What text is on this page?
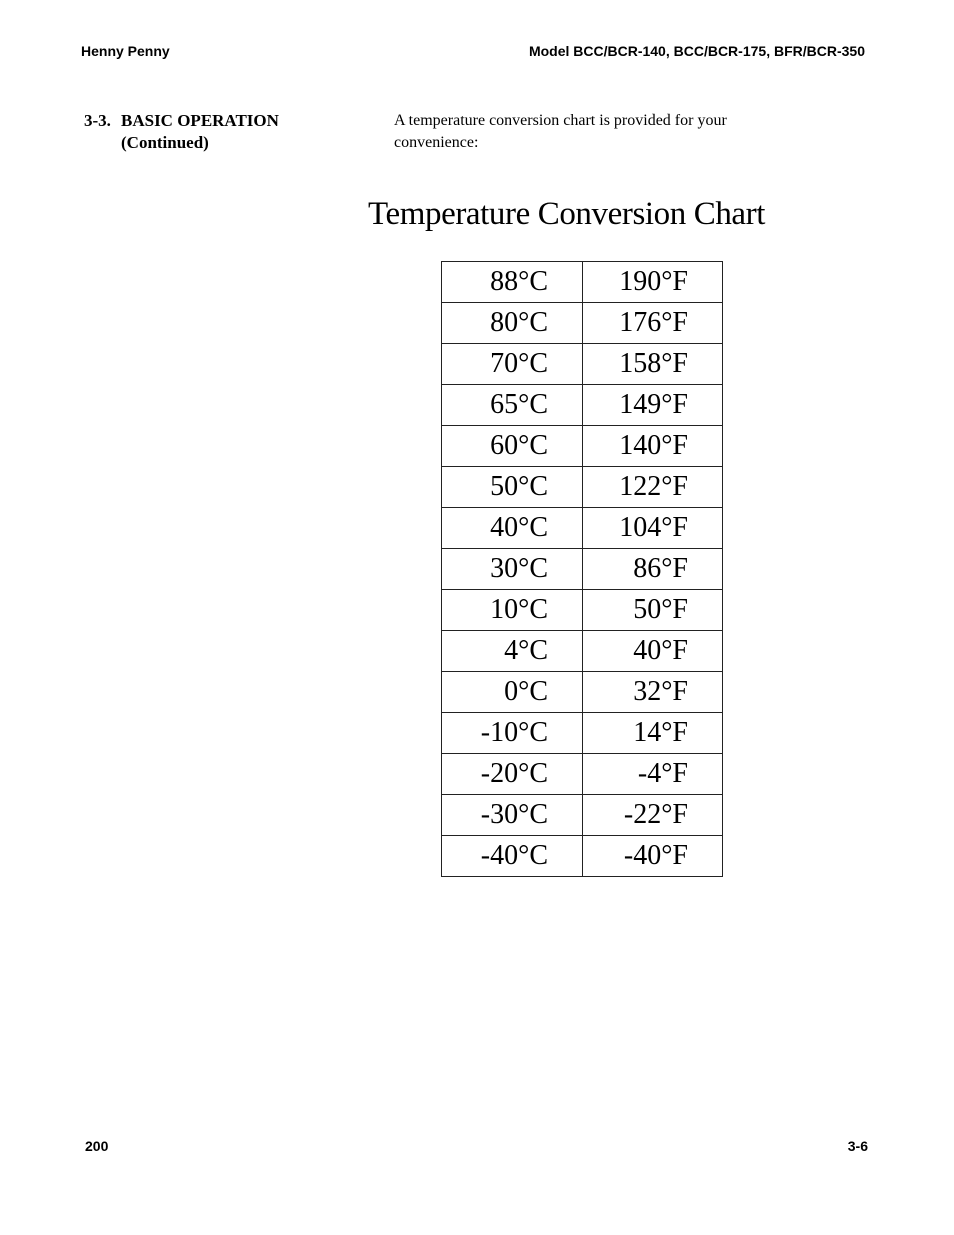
Henny Penny	Model BCC/BCR-140, BCC/BCR-175, BFR/BCR-350
3-3. BASIC OPERATION
(Continued)
A temperature conversion chart is provided for your convenience:
Temperature Conversion Chart
88°C	190°F
80°C	176°F
70°C	158°F
65°C	149°F
60°C	140°F
50°C	122°F
40°C	104°F
30°C	86°F
10°C	50°F
4°C	40°F
0°C	32°F
-10°C	14°F
-20°C	-4°F
-30°C	-22°F
-40°C	-40°F
200	3-6
